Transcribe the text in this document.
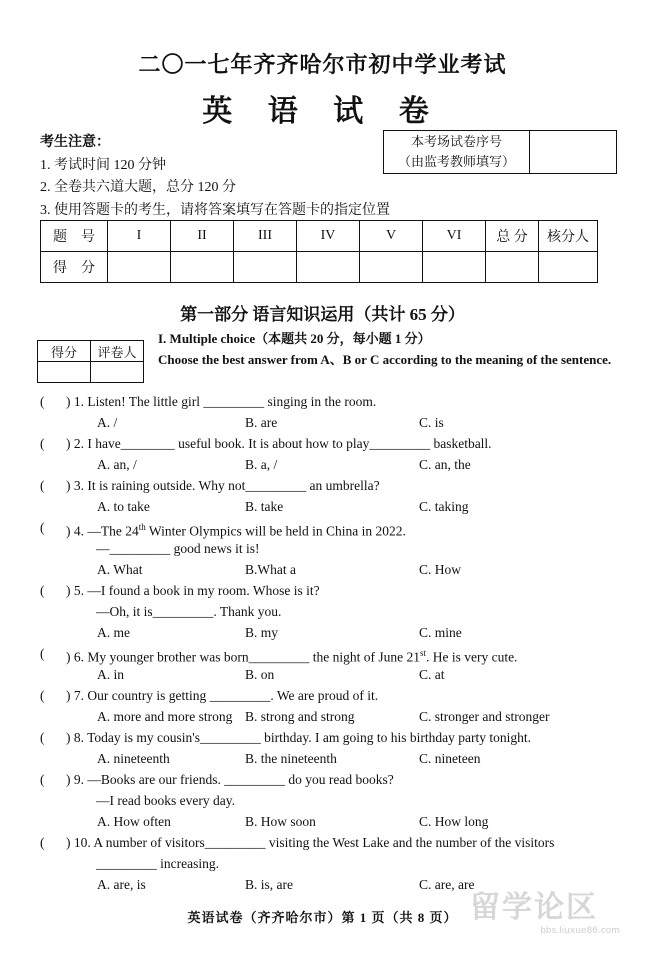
二〇一七年齐齐哈尔市初中学业考试
英 语 试 卷
考生注意：
1. 考试时间 120 分钟
2. 全卷共六道大题，总分 120 分
3. 使用答题卡的考生，请将答案填写在答题卡的指定位置
本考场试卷序号
（由监考教师填写）
题　号	I	II	III	IV	V	VI	总 分	核分人
得　分								
第一部分 语言知识运用（共计 65 分）
得分	评卷人

I. Multiple choice（本题共 20 分，每小题 1 分）
Choose the best answer from A、B or C according to the meaning of the sentence.
( ) 1. Listen! The little girl _________ singing in the room.
A. /	B. are	C. is
( ) 2. I have________ useful book. It is about how to play_________ basketball.
A. an, /	B. a, /	C. an, the
( ) 3. It is raining outside. Why not_________ an umbrella?
A. to take	B. take	C. taking
( ) 4. —The 24th Winter Olympics will be held in China in 2022.
—_________ good news it is!
A. What	B.What a	C. How
( ) 5. —I found a book in my room. Whose is it?
—Oh, it is_________. Thank you.
A. me	B. my	C. mine
( ) 6. My younger brother was born_________ the night of June 21st. He is very cute.
A. in	B. on	C. at
( ) 7. Our country is getting _________. We are proud of it.
A. more and more strong B. strong and strong	C. stronger and stronger
( ) 8. Today is my cousin's_________ birthday. I am going to his birthday party tonight.
A. nineteenth	B. the nineteenth	C. nineteen
( ) 9. —Books are our friends. _________ do you read books?
—I read books every day.
A. How often	B. How soon	C. How long
( ) 10. A number of visitors_________ visiting the West Lake and the number of the visitors
_________ increasing.
A. are, is	B. is, are	C. are, are
英语试卷（齐齐哈尔市）第 1 页（共 8 页） 留学论区
bbs.liuxue86.com
